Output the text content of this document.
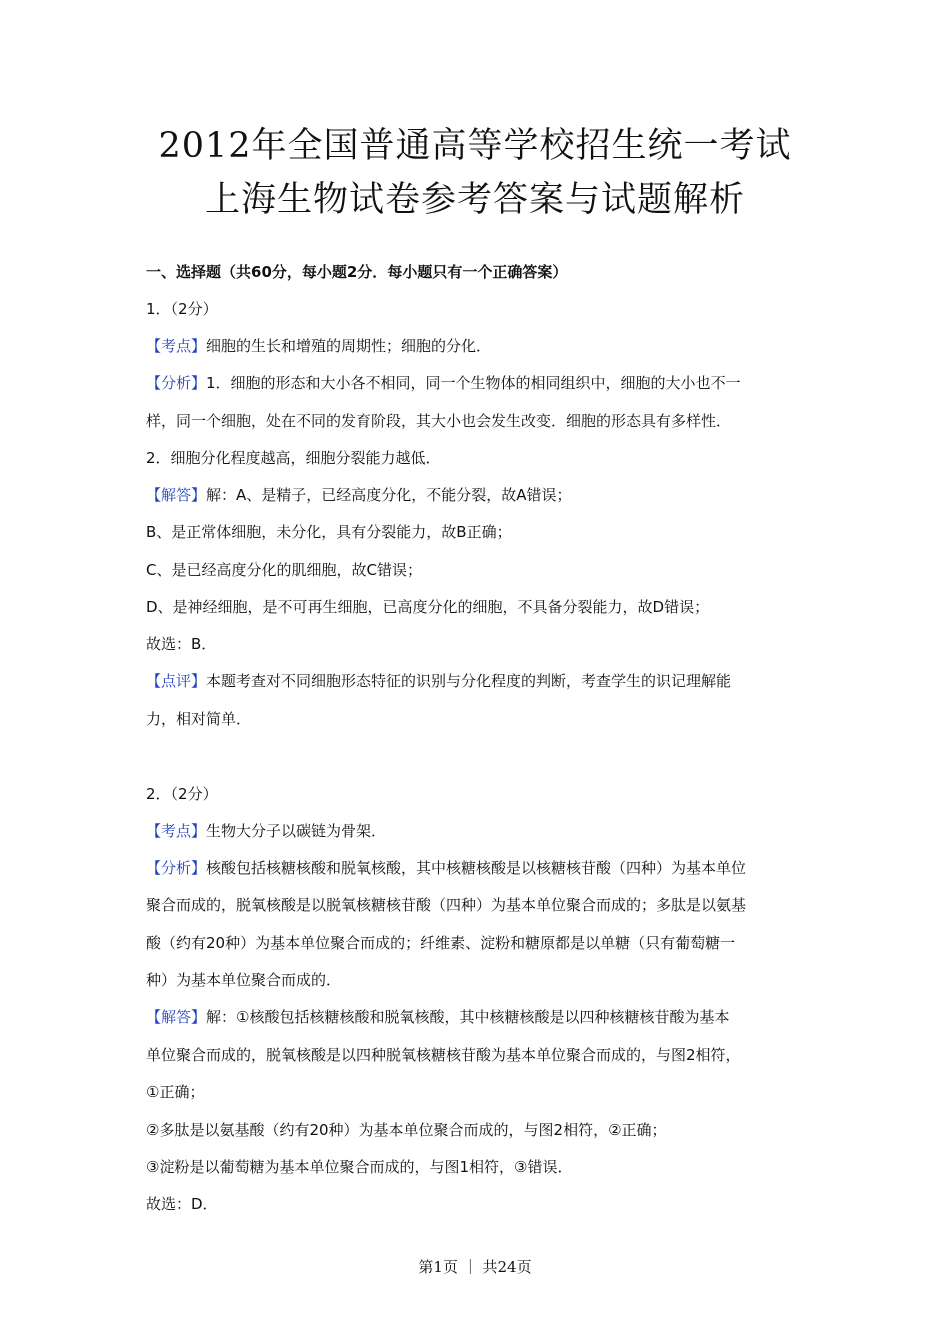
2012年全国普通高等学校招生统一考试
上海生物试卷参考答案与试题解析
一、选择题（共60分，每小题2分．每小题只有一个正确答案）
1．（2分）
【考点】细胞的生长和增殖的周期性；细胞的分化．
【分析】1．细胞的形态和大小各不相同，同一个生物体的相同组织中，细胞的大小也不一
样，同一个细胞，处在不同的发育阶段，其大小也会发生改变．细胞的形态具有多样性．
2．细胞分化程度越高，细胞分裂能力越低．
【解答】解：A、是精子，已经高度分化，不能分裂，故A错误；
B、是正常体细胞，未分化，具有分裂能力，故B正确；
C、是已经高度分化的肌细胞，故C错误；
D、是神经细胞，是不可再生细胞，已高度分化的细胞，不具备分裂能力，故D错误；
故选：B．
【点评】本题考查对不同细胞形态特征的识别与分化程度的判断，考查学生的识记理解能
力，相对简单．
2．（2分）
【考点】生物大分子以碳链为骨架．
【分析】核酸包括核糖核酸和脱氧核酸，其中核糖核酸是以核糖核苷酸（四种）为基本单位
聚合而成的，脱氧核酸是以脱氧核糖核苷酸（四种）为基本单位聚合而成的；多肽是以氨基
酸（约有20种）为基本单位聚合而成的；纤维素、淀粉和糖原都是以单糖（只有葡萄糖一
种）为基本单位聚合而成的．
【解答】解：①核酸包括核糖核酸和脱氧核酸，其中核糖核酸是以四种核糖核苷酸为基本
单位聚合而成的，脱氧核酸是以四种脱氧核糖核苷酸为基本单位聚合而成的，与图2相符，
①正确；
②多肽是以氨基酸（约有20种）为基本单位聚合而成的，与图2相符，②正确；
③淀粉是以葡萄糖为基本单位聚合而成的，与图1相符，③错误．
故选：D．
第1页 ｜ 共24页
